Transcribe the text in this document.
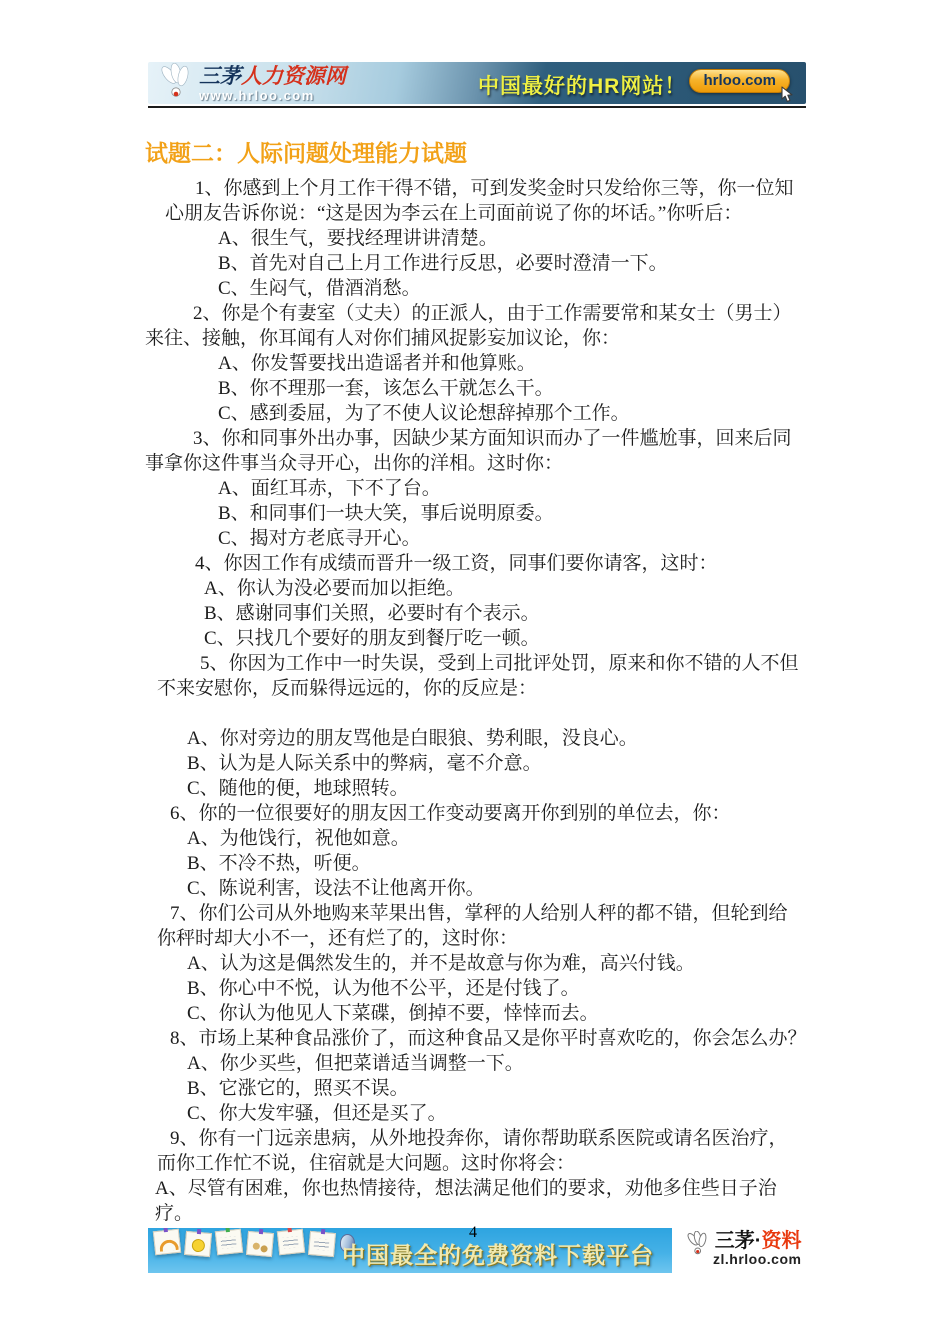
三茅人力资源网
www.hrloo.com	中国最好的HR网站！	hrloo.com
试题二：人际问题处理能力试题
1、你感到上个月工作干得不错，可到发奖金时只发给你三等，你一位知
心朋友告诉你说：“这是因为李云在上司面前说了你的坏话。”你听后：
A、很生气，要找经理讲讲清楚。
B、首先对自己上月工作进行反思，必要时澄清一下。
C、生闷气，借酒消愁。
2、你是个有妻室（丈夫）的正派人，由于工作需要常和某女士（男士）
来往、接触，你耳闻有人对你们捕风捉影妄加议论，你：
A、你发誓要找出造谣者并和他算账。
B、你不理那一套，该怎么干就怎么干。
C、感到委屈，为了不使人议论想辞掉那个工作。
3、你和同事外出办事，因缺少某方面知识而办了一件尴尬事，回来后同
事拿你这件事当众寻开心，出你的洋相。这时你：
A、面红耳赤，下不了台。
B、和同事们一块大笑，事后说明原委。
C、揭对方老底寻开心。
4、你因工作有成绩而晋升一级工资，同事们要你请客，这时：
A、你认为没必要而加以拒绝。
B、感谢同事们关照，必要时有个表示。
C、只找几个要好的朋友到餐厅吃一顿。
5、你因为工作中一时失误，受到上司批评处罚，原来和你不错的人不但
不来安慰你，反而躲得远远的，你的反应是：
A、你对旁边的朋友骂他是白眼狼、势利眼，没良心。
B、认为是人际关系中的弊病，毫不介意。
C、随他的便，地球照转。
6、你的一位很要好的朋友因工作变动要离开你到别的单位去，你：
A、为他饯行，祝他如意。
B、不冷不热，听便。
C、陈说利害，设法不让他离开你。
7、你们公司从外地购来苹果出售，掌秤的人给别人秤的都不错，但轮到给
你秤时却大小不一，还有烂了的，这时你：
A、认为这是偶然发生的，并不是故意与你为难，高兴付钱。
B、你心中不悦，认为他不公平，还是付钱了。
C、你认为他见人下菜碟，倒掉不要，悻悻而去。
8、市场上某种食品涨价了，而这种食品又是你平时喜欢吃的，你会怎么办？
A、你少买些，但把菜谱适当调整一下。
B、它涨它的，照买不误。
C、你大发牢骚，但还是买了。
9、你有一门远亲患病，从外地投奔你，请你帮助联系医院或请名医治疗，
而你工作忙不说，住宿就是大问题。这时你将会：
A、尽管有困难，你也热情接待，想法满足他们的要求，劝他多住些日子治
疗。
4
中国最全的免费资料下载平台
三茅·资料
zl.hrloo.com
